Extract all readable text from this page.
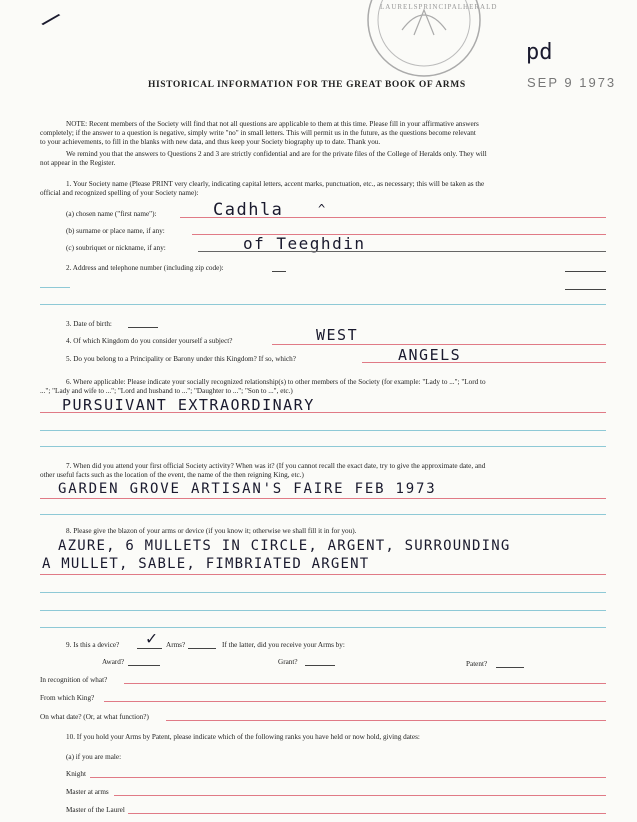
/	LAURELSPRINCIPALHERALD
pd
SEP 9 1973
HISTORICAL INFORMATION FOR THE GREAT BOOK OF ARMS
NOTE: Recent members of the Society will find that not all questions are applicable to them at this time. Please fill in your affirmative answers
completely; if the answer to a question is negative, simply write "no" in small letters. This will permit us in the future, as the questions become relevant
to your achievements, to fill in the blanks with new data, and thus keep your Society biography up to date. Thank you.
We remind you that the answers to Questions 2 and 3 are strictly confidential and are for the private files of the College of Heralds only. They will
not appear in the Register.
1. Your Society name (Please PRINT very clearly, indicating capital letters, accent marks, punctuation, etc., as necessary; this will be taken as the
official and recognized spelling of your Society name):
(a) chosen name ("first name"):	Cadhla	^
(b) surname or place name, if any:
(c) soubriquet or nickname, if any:	of Teeghdin
2. Address and telephone number (including zip code):
3. Date of birth:
4. Of which Kingdom do you consider yourself a subject?	WEST
5. Do you belong to a Principality or Barony under this Kingdom? If so, which?	ANGELS
6. Where applicable: Please indicate your socially recognized relationship(s) to other members of the Society (for example: "Lady to ..."; "Lord to
..."; "Lady and wife to ..."; "Lord and husband to ..."; "Daughter to ..."; "Son to ...", etc.)
PURSUIVANT EXTRAORDINARY
7. When did you attend your first official Society activity? When was it? (If you cannot recall the exact date, try to give the approximate date, and
other useful facts such as the location of the event, the name of the then reigning King, etc.)
GARDEN GROVE ARTISAN'S FAIRE FEB 1973
8. Please give the blazon of your arms or device (if you know it; otherwise we shall fill it in for you).
AZURE, 6 MULLETS IN CIRCLE, ARGENT, SURROUNDING
A MULLET, SABLE, FIMBRIATED ARGENT
9. Is this a device? ✓ Arms?	If the latter, did you receive your Arms by:
Award?	Grant?	Patent?
In recognition of what?
From which King?
On what date? (Or, at what function?)
10. If you hold your Arms by Patent, please indicate which of the following ranks you have held or now hold, giving dates:
(a) if you are male:
Knight
Master at arms
Master of the Laurel
